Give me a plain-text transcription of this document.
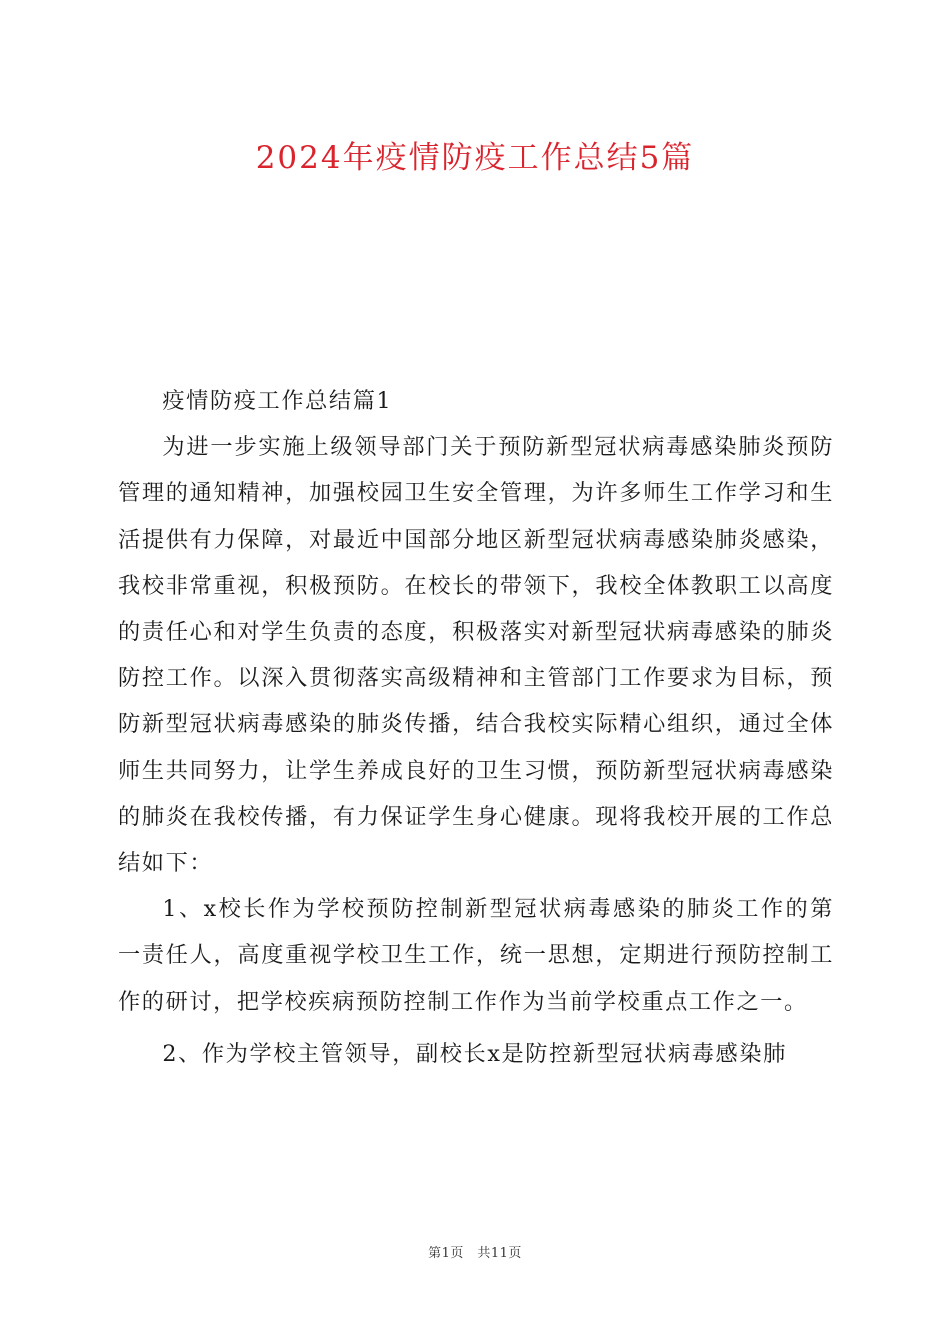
2024年疫情防疫工作总结5篇

疫情防疫工作总结篇1

为进一步实施上级领导部门关于预防新型冠状病毒感染肺炎预防管理的通知精神，加强校园卫生安全管理，为许多师生工作学习和生活提供有力保障，对最近中国部分地区新型冠状病毒感染肺炎感染，我校非常重视，积极预防。在校长的带领下，我校全体教职工以高度的责任心和对学生负责的态度，积极落实对新型冠状病毒感染的肺炎防控工作。以深入贯彻落实高级精神和主管部门工作要求为目标，预防新型冠状病毒感染的肺炎传播，结合我校实际精心组织，通过全体师生共同努力，让学生养成良好的卫生习惯，预防新型冠状病毒感染的肺炎在我校传播，有力保证学生身心健康。现将我校开展的工作总结如下：

1、x校长作为学校预防控制新型冠状病毒感染的肺炎工作的第一责任人，高度重视学校卫生工作，统一思想，定期进行预防控制工作的研讨，把学校疾病预防控制工作作为当前学校重点工作之一。

2、作为学校主管领导，副校长x是防控新型冠状病毒感染肺

第1页　共11页
